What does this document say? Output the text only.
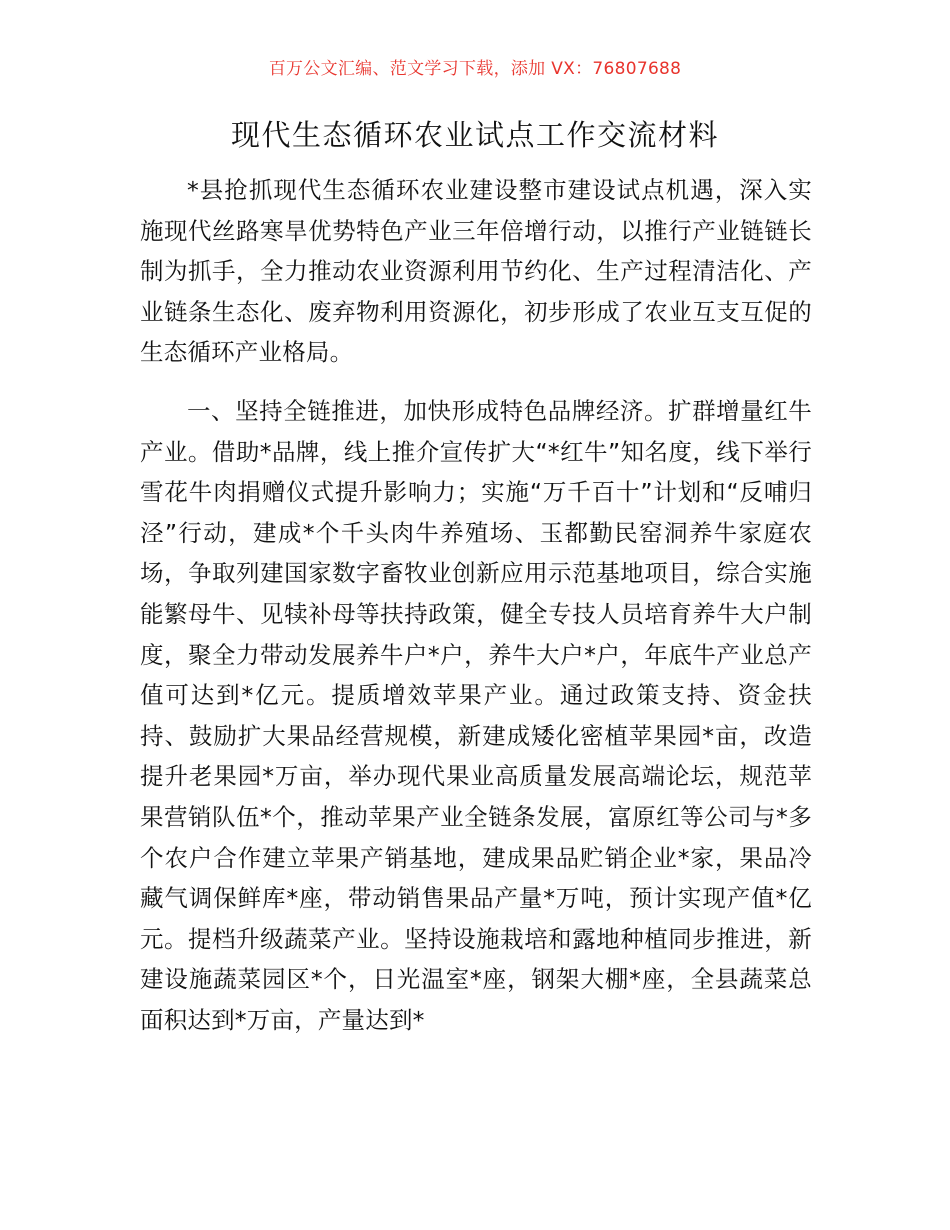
百万公文汇编、范文学习下载，添加 VX：76807688
现代生态循环农业试点工作交流材料

*县抢抓现代生态循环农业建设整市建设试点机遇，深入实施现代丝路寒旱优势特色产业三年倍增行动，以推行产业链链长制为抓手，全力推动农业资源利用节约化、生产过程清洁化、产业链条生态化、废弃物利用资源化，初步形成了农业互支互促的生态循环产业格局。

一、坚持全链推进，加快形成特色品牌经济。扩群增量红牛产业。借助*品牌，线上推介宣传扩大“*红牛”知名度，线下举行雪花牛肉捐赠仪式提升影响力；实施“万千百十”计划和“反哺归泾”行动，建成*个千头肉牛养殖场、玉都勤民窑洞养牛家庭农场，争取列建国家数字畜牧业创新应用示范基地项目，综合实施能繁母牛、见犊补母等扶持政策，健全专技人员培育养牛大户制度，聚全力带动发展养牛户*户，养牛大户*户，年底牛产业总产值可达到*亿元。提质增效苹果产业。通过政策支持、资金扶持、鼓励扩大果品经营规模，新建成矮化密植苹果园*亩，改造提升老果园*万亩，举办现代果业高质量发展高端论坛，规范苹果营销队伍*个，推动苹果产业全链条发展，富原红等公司与*多个农户合作建立苹果产销基地，建成果品贮销企业*家，果品冷藏气调保鲜库*座，带动销售果品产量*万吨，预计实现产值*亿元。提档升级蔬菜产业。坚持设施栽培和露地种植同步推进，新建设施蔬菜园区*个，日光温室*座，钢架大棚*座，全县蔬菜总面积达到*万亩，产量达到*
